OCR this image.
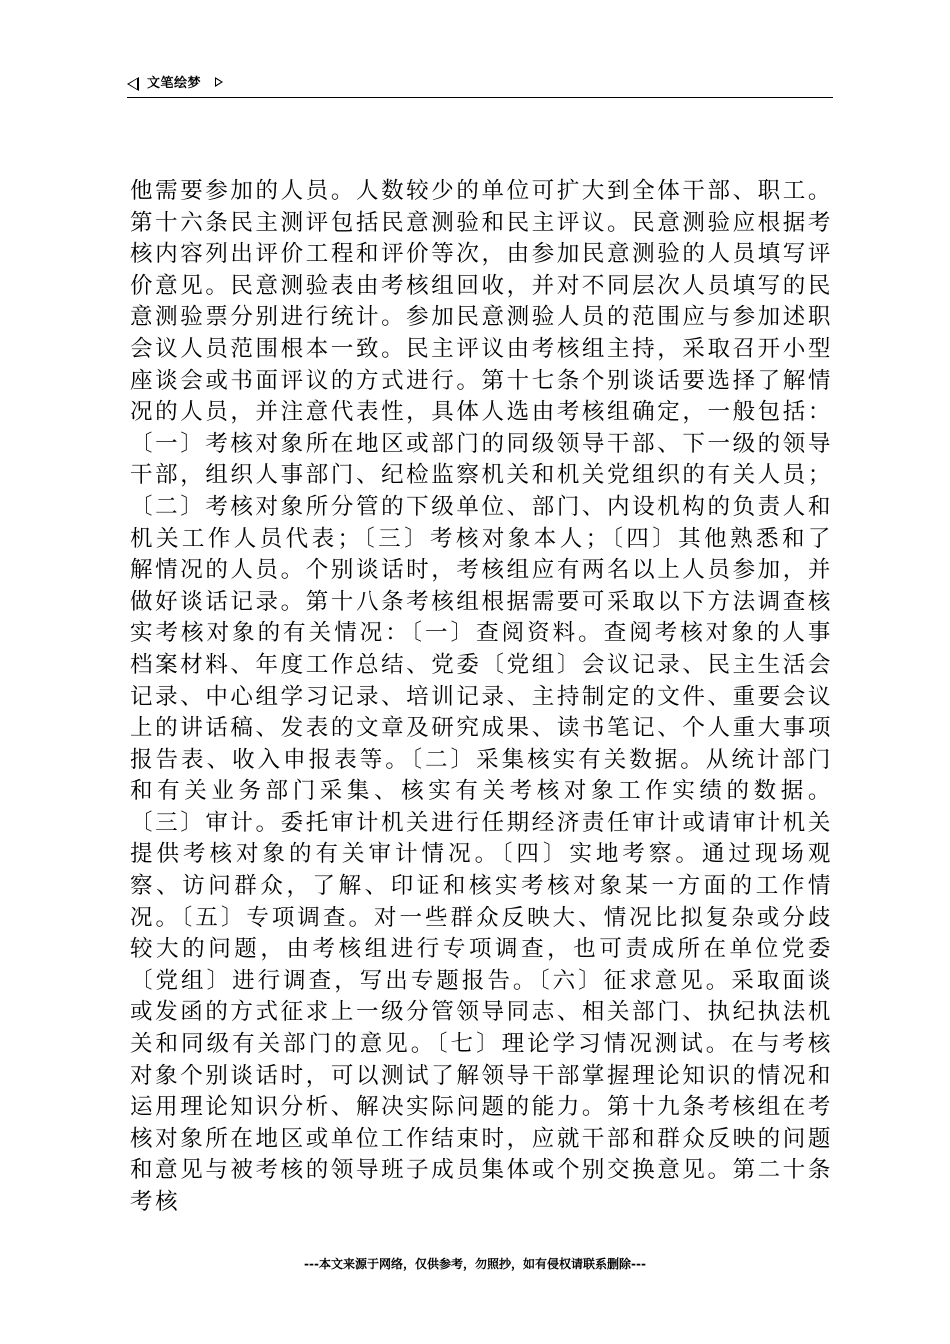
文笔绘梦

他需要参加的人员。人数较少的单位可扩大到全体干部、职工。第十六条民主测评包括民意测验和民主评议。民意测验应根据考核内容列出评价工程和评价等次，由参加民意测验的人员填写评价意见。民意测验表由考核组回收，并对不同层次人员填写的民意测验票分别进行统计。参加民意测验人员的范围应与参加述职会议人员范围根本一致。民主评议由考核组主持，采取召开小型座谈会或书面评议的方式进行。第十七条个别谈话要选择了解情况的人员，并注意代表性，具体人选由考核组确定，一般包括：〔一〕考核对象所在地区或部门的同级领导干部、下一级的领导干部，组织人事部门、纪检监察机关和机关党组织的有关人员；〔二〕考核对象所分管的下级单位、部门、内设机构的负责人和机关工作人员代表；〔三〕考核对象本人；〔四〕其他熟悉和了解情况的人员。个别谈话时，考核组应有两名以上人员参加，并做好谈话记录。第十八条考核组根据需要可采取以下方法调查核实考核对象的有关情况：〔一〕查阅资料。查阅考核对象的人事档案材料、年度工作总结、党委〔党组〕会议记录、民主生活会记录、中心组学习记录、培训记录、主持制定的文件、重要会议上的讲话稿、发表的文章及研究成果、读书笔记、个人重大事项报告表、收入申报表等。〔二〕采集核实有关数据。从统计部门和有关业务部门采集、核实有关考核对象工作实绩的数据。〔三〕审计。委托审计机关进行任期经济责任审计或请审计机关提供考核对象的有关审计情况。〔四〕实地考察。通过现场观察、访问群众，了解、印证和核实考核对象某一方面的工作情况。〔五〕专项调查。对一些群众反映大、情况比拟复杂或分歧较大的问题，由考核组进行专项调查，也可责成所在单位党委〔党组〕进行调查，写出专题报告。〔六〕征求意见。采取面谈或发函的方式征求上一级分管领导同志、相关部门、执纪执法机关和同级有关部门的意见。〔七〕理论学习情况测试。在与考核对象个别谈话时，可以测试了解领导干部掌握理论知识的情况和运用理论知识分析、解决实际问题的能力。第十九条考核组在考核对象所在地区或单位工作结束时，应就干部和群众反映的问题和意见与被考核的领导班子成员集体或个别交换意见。第二十条考核

---本文来源于网络，仅供参考，勿照抄，如有侵权请联系删除---
